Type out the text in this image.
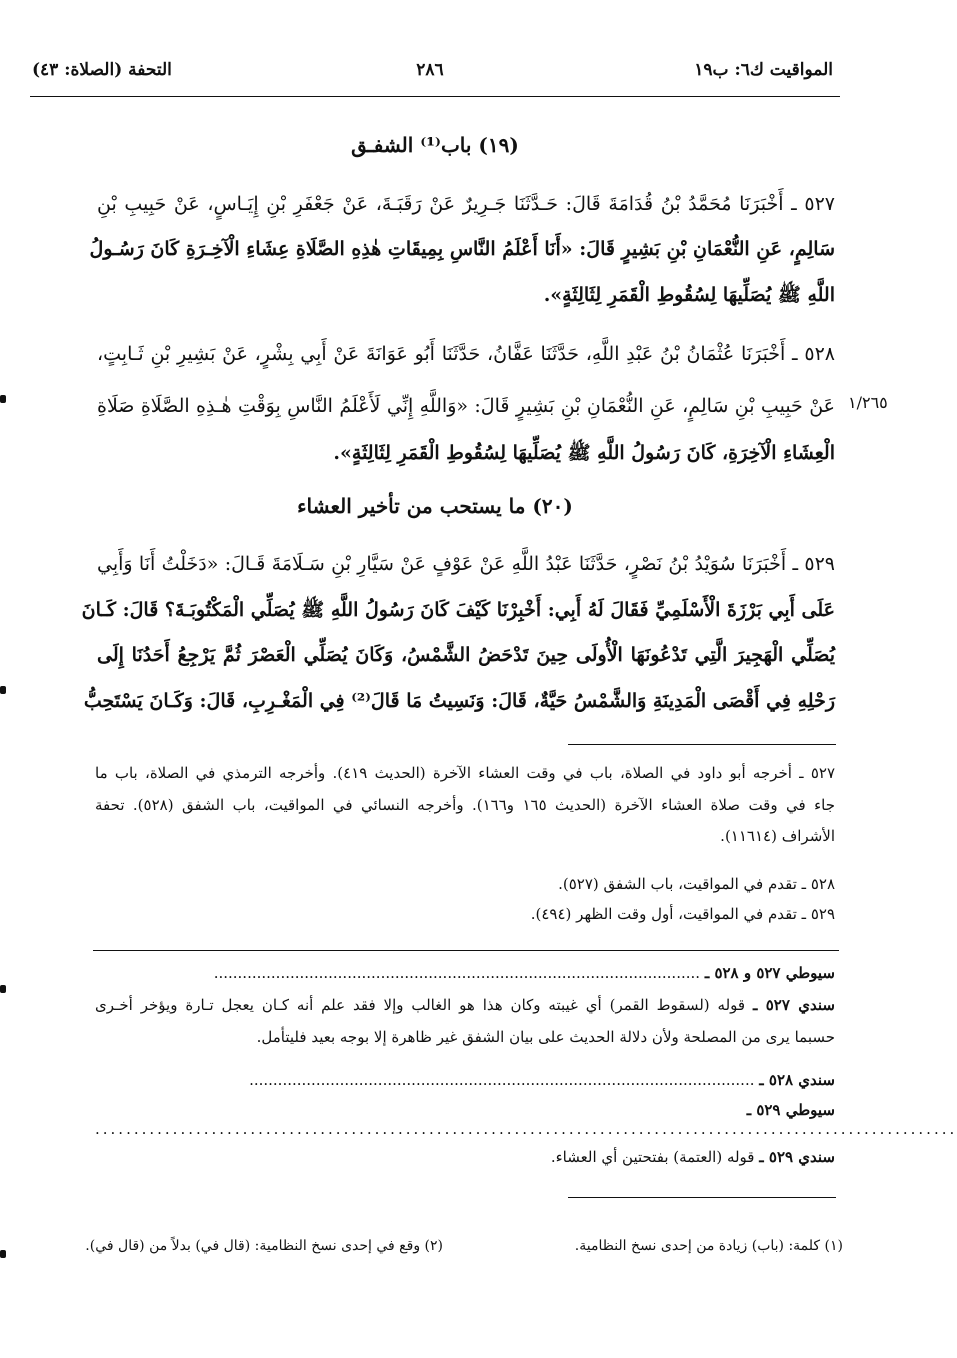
المواقيت ك٦: ب١٩
٢٨٦
التحفة (الصلاة: ٤٣)
(١٩) باب⁽¹⁾ الشفـق
٥٢٧ ـ أَخْبَرَنَا مُحَمَّدُ بْنُ قُدَامَةَ قَالَ: حَـدَّثَنَا جَـرِيرٌ عَنْ رَقَبَـةَ، عَنْ جَعْفَرِ بْنِ إِيَـاسٍ، عَنْ حَبِيبِ بْنِ
سَالِمٍ، عَنِ النُّعْمَانِ بْنِ بَشِيرٍ قَالَ: «أَنَا أَعْلَمُ النَّاسِ بِمِيقَاتِ هٰذِهِ الصَّلَاةِ عِشَاءِ الْآخِـرَةِ كَانَ رَسُـولُ
اللَّهِ ﷺ يُصَلِّيهَا لِسُقُوطِ الْقَمَرِ لِثَالِثَةٍ».
٥٢٨ ـ أَخْبَرَنَا عُثْمَانُ بْنُ عَبْدِ اللَّهِ، حَدَّثَنَا عَفَّانُ، حَدَّثَنَا أَبُو عَوَانَةَ عَنْ أَبِي بِشْرٍ، عَنْ بَشِيرِ بْنِ ثَـابِتٍ،
عَنْ حَبِيبِ بْنِ سَالِمٍ، عَنِ النُّعْمَانِ بْنِ بَشِيرٍ قَالَ: «وَاللَّهِ إِنِّي لَأَعْلَمُ النَّاسِ بِوَقْتِ هٰـذِهِ الصَّلَاةِ صَلَاةِ
الْعِشَاءِ الْآخِرَةِ، كَانَ رَسُولُ اللَّهِ ﷺ يُصَلِّيهَا لِسُقُوطِ الْقَمَرِ لِثَالِثَةٍ».
١/٢٦٥
(٢٠) ما يستحب من تأخير العشاء
٥٢٩ ـ أَخْبَرَنَا سُوَيْدُ بْنُ نَصْرٍ، حَدَّثَنَا عَبْدُ اللَّهِ عَنْ عَوْفٍ عَنْ سَيَّارِ بْنِ سَـلَامَةَ قَـالَ: «دَخَلْتُ أَنَا وَأَبِي
عَلَى أَبِي بَرْزَةَ الْأَسْلَمِيِّ فَقَالَ لَهُ أَبِي: أَخْبِرْنَا كَيْفَ كَانَ رَسُولُ اللَّهِ ﷺ يُصَلِّي الْمَكْتُوبَـةَ؟ قَالَ: كَـانَ
يُصَلِّي الْهَجِيرَ الَّتِي تَدْعُونَهَا الْأُولَى حِينَ تَدْحَضُ الشَّمْسُ، وَكَانَ يُصَلِّي الْعَصْرَ ثُمَّ يَرْجِعُ أَحَدُنَا إِلَى
رَحْلِهِ فِي أَقْصَى الْمَدِينَةِ وَالشَّمْسُ حَيَّةٌ، قَالَ: وَنَسِيتُ مَا قَالَ⁽²⁾ فِي الْمَغْـرِبِ، قَالَ: وَكَـانَ يَسْتَحِبُّ
٥٢٧ ـ أخرجه أبو داود في الصلاة، باب في وقت العشاء الآخرة (الحديث ٤١٩). وأخرجه الترمذي في الصلاة، باب ما
جاء في وقت صلاة العشاء الآخرة (الحديث ١٦٥ و١٦٦). وأخرجه النسائي في المواقيت، باب الشفق (٥٢٨). تحفة
الأشراف (١١٦١٤).
٥٢٨ ـ تقدم في المواقيت، باب الشفق (٥٢٧).
٥٢٩ ـ تقدم في المواقيت، أول وقت الظهر (٤٩٤).
سيوطي ٥٢٧ و ٥٢٨ ـ ......................................................................................................
سندي ٥٢٧ ـ قوله (لسقوط القمر) أي غيبته وكان هذا هو الغالب وإلا فقد علم أنه كـان يعجل تـارة ويؤخر أخـرى
حسبما يرى من المصلحة ولأن دلالة الحديث على بيان الشفق غير ظاهرة إلا بوجه بعيد فليتأمل.
سندي ٥٢٨ ـ ..........................................................................................................
سيوطي ٥٢٩ ـ
...............................................................................................................
سندي ٥٢٩ ـ قوله (العتمة) بفتحتين أي العشاء.
(١) كلمة: (باب) زيادة من إحدى نسخ النظامية.
(٢) وقع في إحدى نسخ النظامية: (قال في) بدلاً من (قال في).
